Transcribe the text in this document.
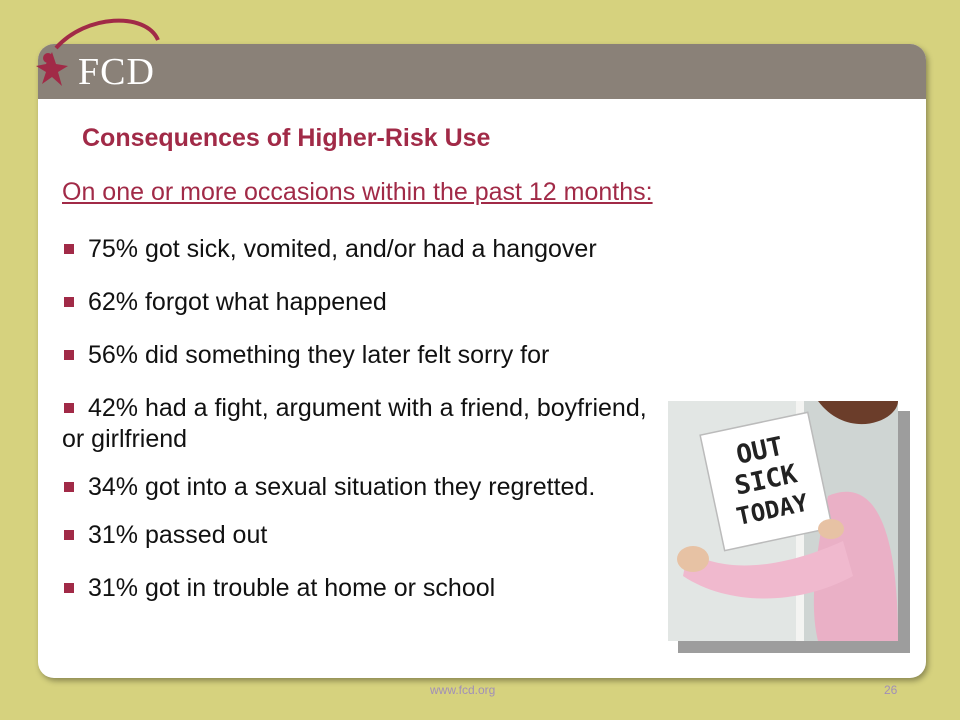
FCD
Consequences of Higher-Risk Use
On one or more occasions within the past 12 months:
75% got sick, vomited, and/or had a hangover
62% forgot what happened
56% did something they later felt sorry for
42% had a fight, argument with a friend, boyfriend, or girlfriend
34% got into a sexual situation they regretted.
31% passed out
31% got in trouble at home or school
OUT
SICK
TODAY
www.fcd.org	26
